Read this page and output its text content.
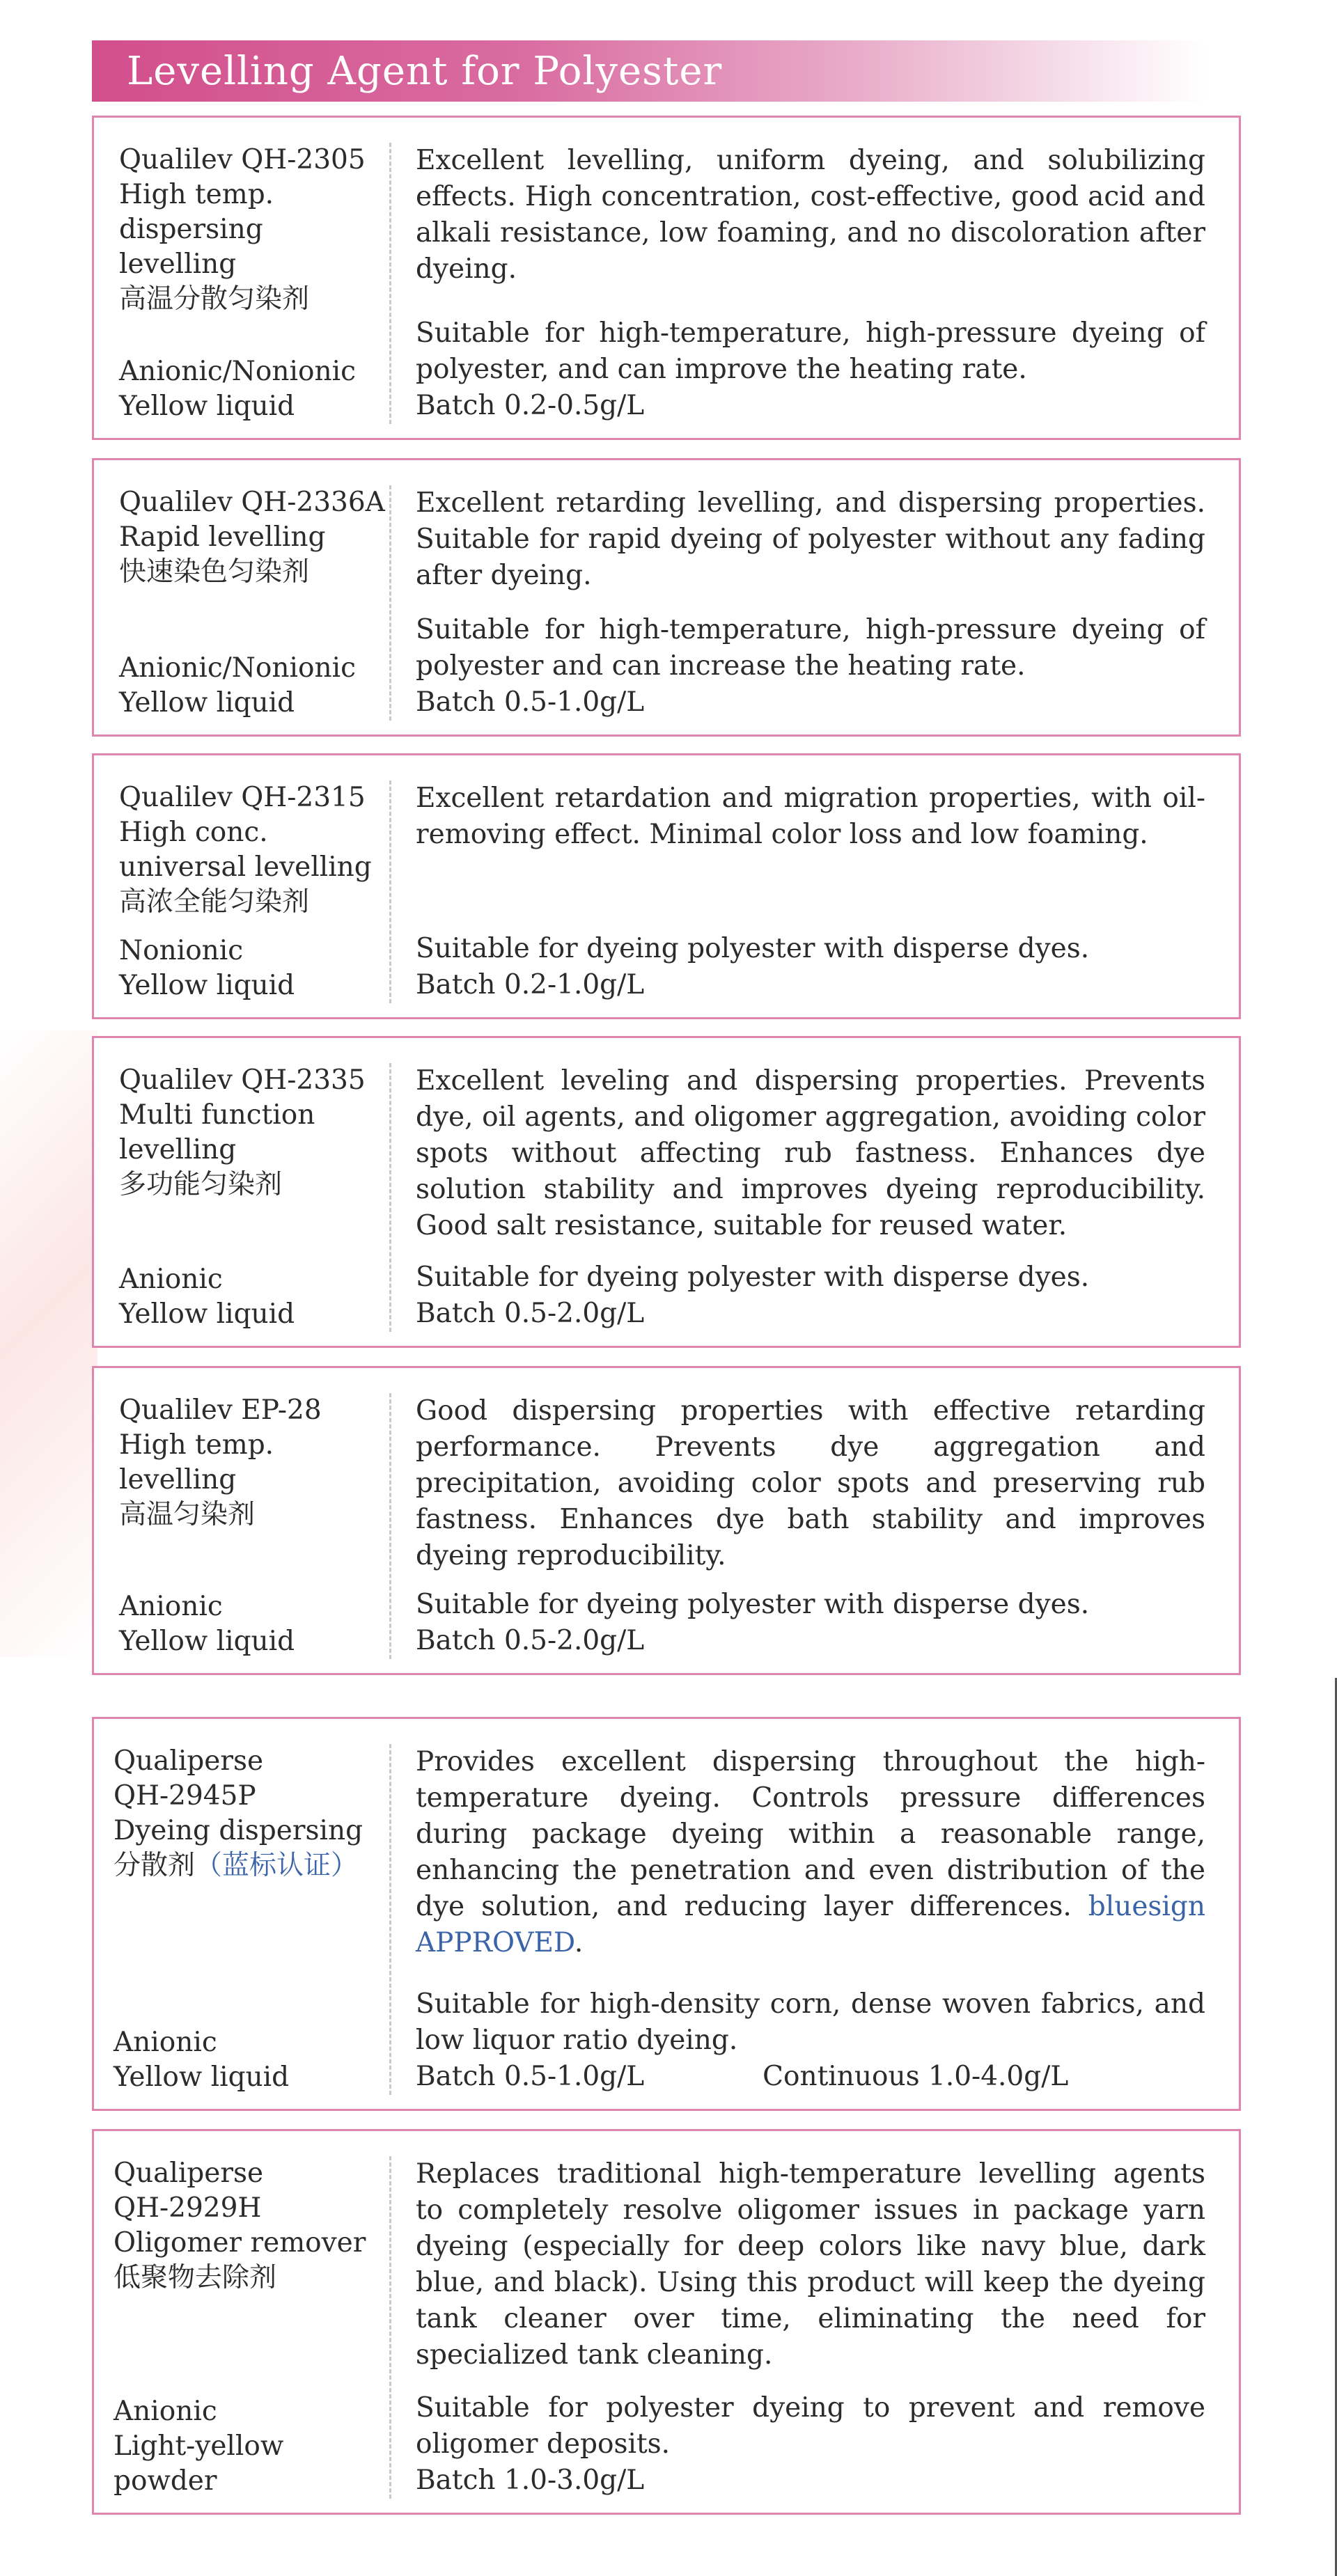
Levelling Agent for Polyester
Qualilev QH-2305
High temp.
dispersing
levelling
高温分散匀染剂
Anionic/Nonionic
Yellow liquid
Excellent levelling, uniform dyeing, and solubilizing effects. High concentration, cost-effective, good acid and alkali resistance, low foaming, and no discoloration after dyeing.
Suitable for high-temperature, high-pressure dyeing of polyester, and can improve the heating rate.
Batch 0.2-0.5g/L
Qualilev QH-2336A
Rapid levelling
快速染色匀染剂
Anionic/Nonionic
Yellow liquid
Excellent retarding levelling, and dispersing properties. Suitable for rapid dyeing of polyester without any fading after dyeing.
Suitable for high-temperature, high-pressure dyeing of polyester and can increase the heating rate.
Batch 0.5-1.0g/L
Qualilev QH-2315
High conc.
universal levelling
高浓全能匀染剂
Nonionic
Yellow liquid
Excellent retardation and migration properties, with oil-removing effect. Minimal color loss and low foaming.
Suitable for dyeing polyester with disperse dyes.
Batch 0.2-1.0g/L
Qualilev QH-2335
Multi function
levelling
多功能匀染剂
Anionic
Yellow liquid
Excellent leveling and dispersing properties. Prevents dye, oil agents, and oligomer aggregation, avoiding color spots without affecting rub fastness. Enhances dye solution stability and improves dyeing reproducibility. Good salt resistance, suitable for reused water.
Suitable for dyeing polyester with disperse dyes.
Batch 0.5-2.0g/L
Qualilev EP-28
High temp.
levelling
高温匀染剂
Anionic
Yellow liquid
Good dispersing properties with effective retarding performance. Prevents dye aggregation and precipitation, avoiding color spots and preserving rub fastness. Enhances dye bath stability and improves dyeing reproducibility.
Suitable for dyeing polyester with disperse dyes.
Batch 0.5-2.0g/L
Qualiperse
QH-2945P
Dyeing dispersing
分散剂（蓝标认证）
Anionic
Yellow liquid
Provides excellent dispersing throughout the high-temperature dyeing. Controls pressure differences during package dyeing within a reasonable range, enhancing the penetration and even distribution of the dye solution, and reducing layer differences. bluesign APPROVED.
Suitable for high-density corn, dense woven fabrics, and low liquor ratio dyeing.
Batch 0.5-1.0g/L	Continuous 1.0-4.0g/L
Qualiperse
QH-2929H
Oligomer remover
低聚物去除剂
Anionic
Light-yellow powder
Replaces traditional high-temperature levelling agents to completely resolve oligomer issues in package yarn dyeing (especially for deep colors like navy blue, dark blue, and black). Using this product will keep the dyeing tank cleaner over time, eliminating the need for specialized tank cleaning.
Suitable for polyester dyeing to prevent and remove oligomer deposits.
Batch 1.0-3.0g/L
